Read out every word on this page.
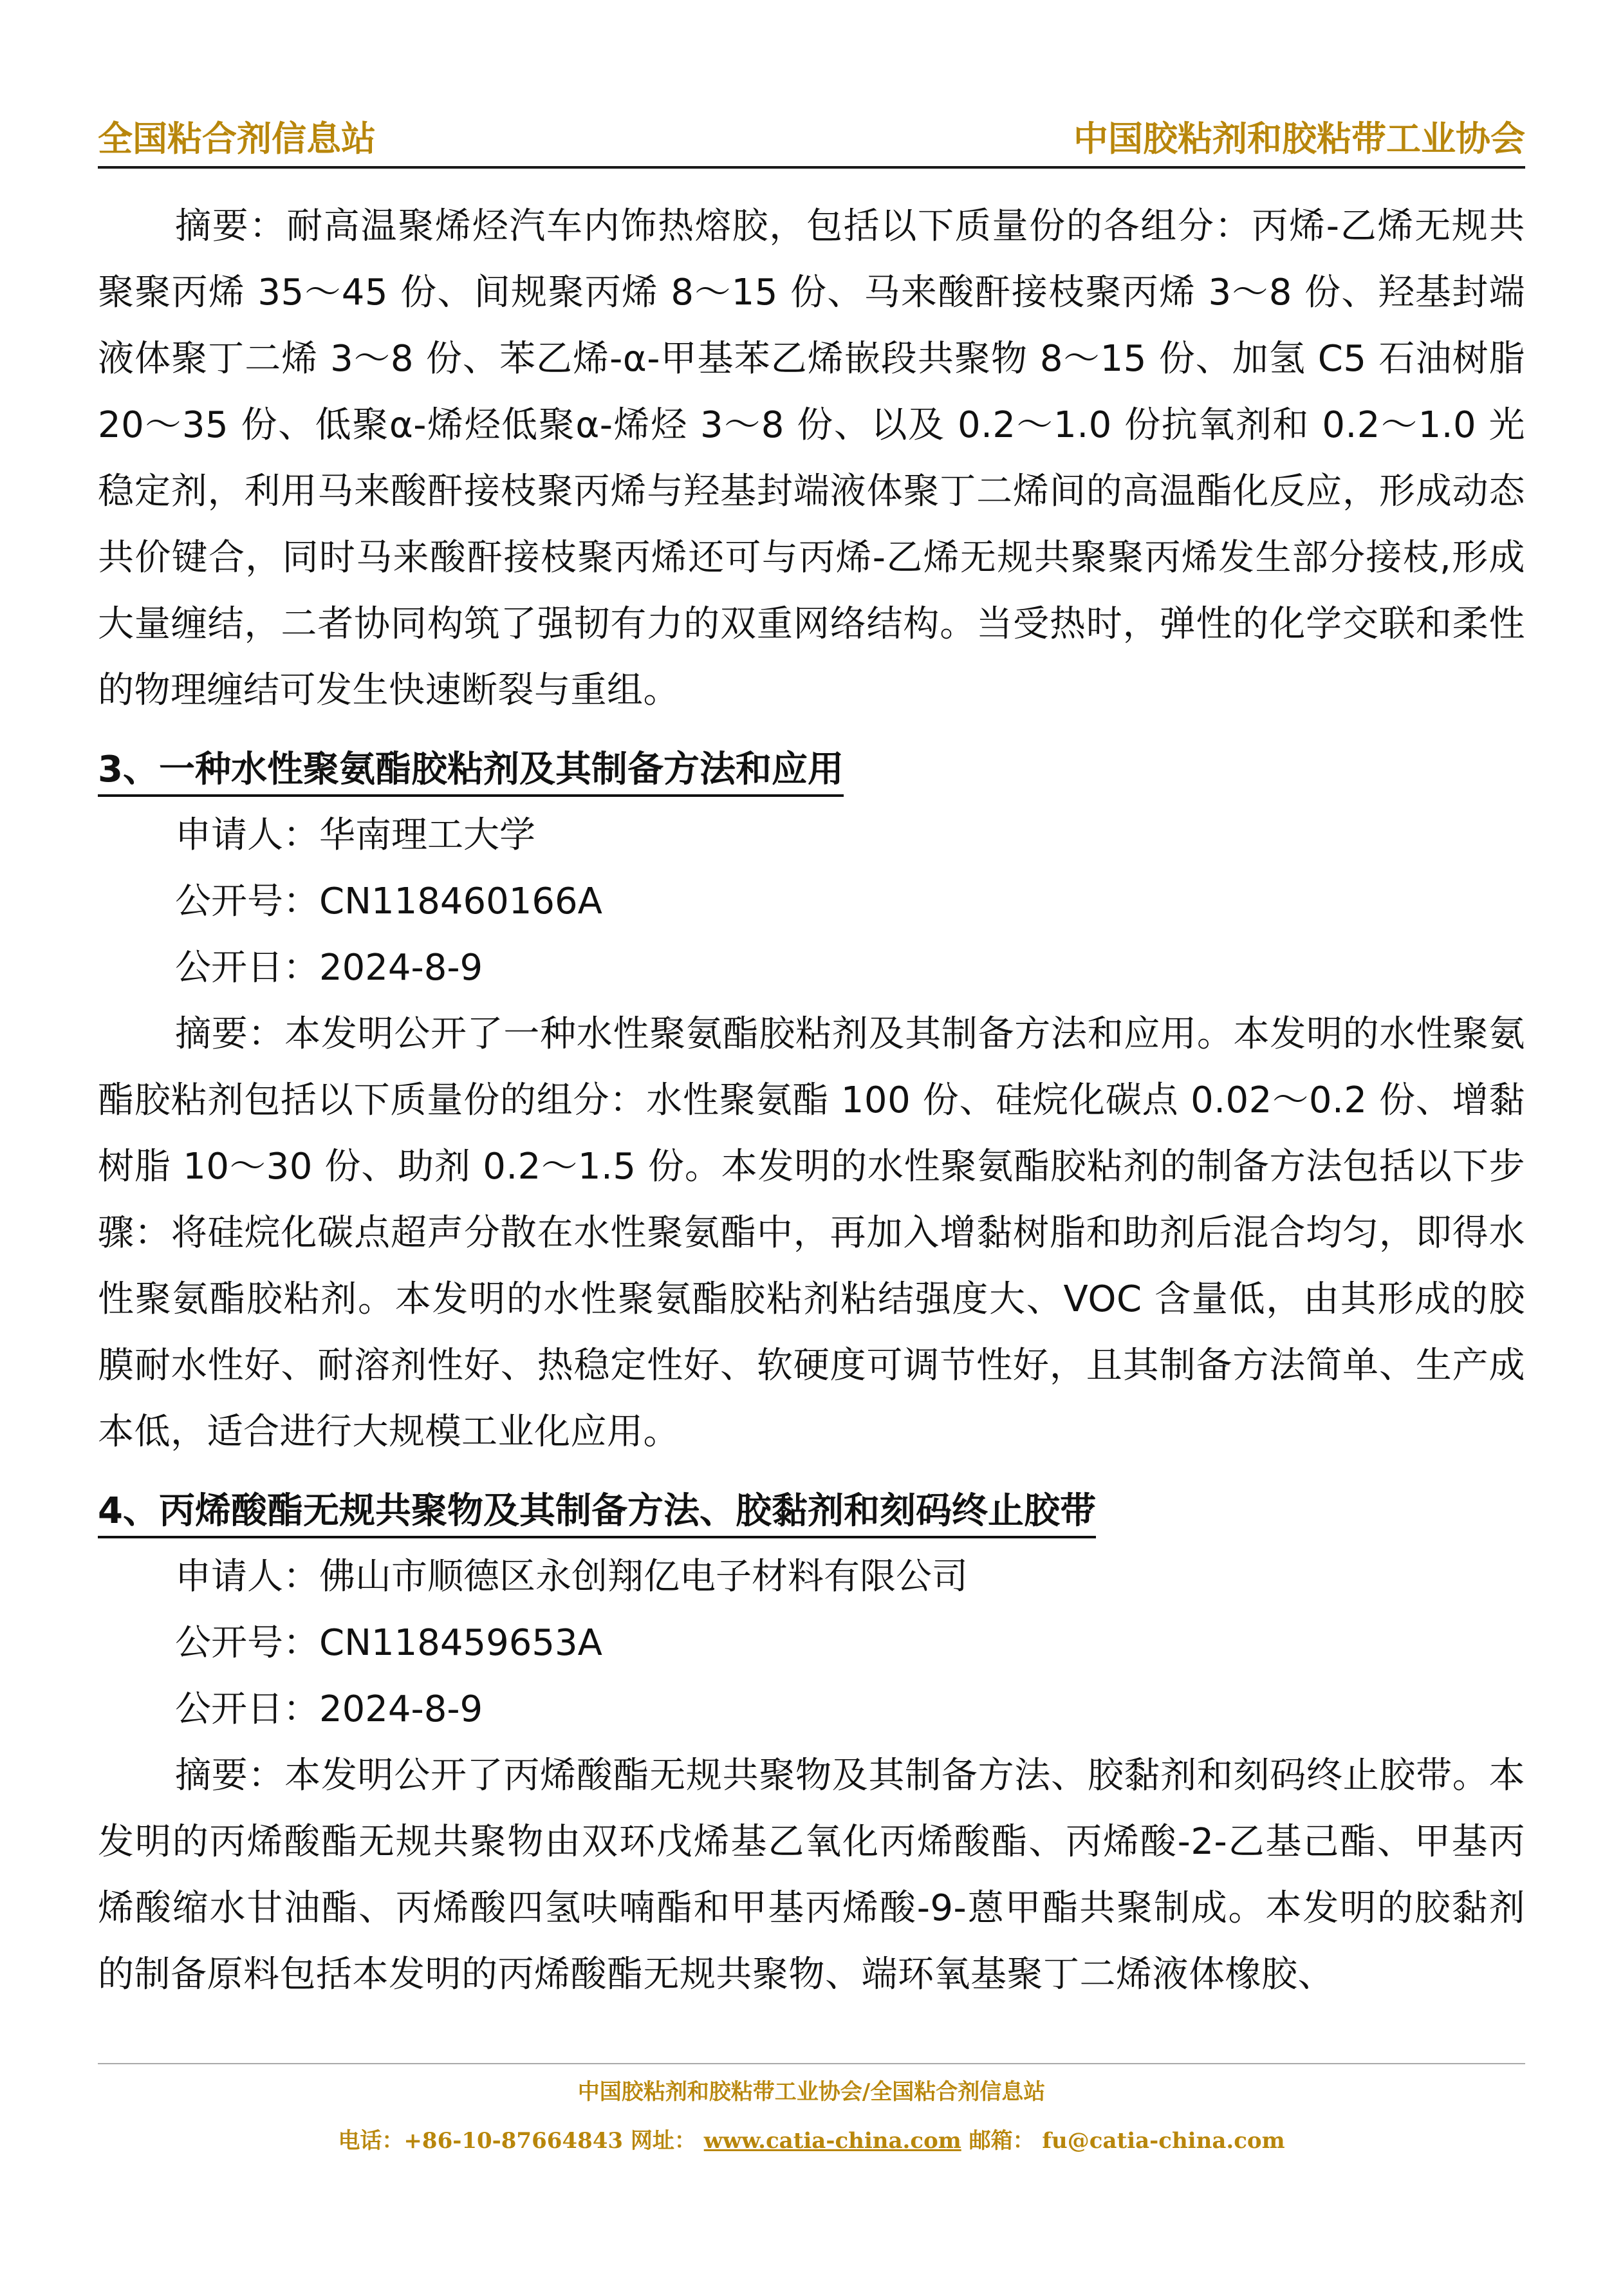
全国粘合剂信息站	中国胶粘剂和胶粘带工业协会

摘要：耐高温聚烯烃汽车内饰热熔胶，包括以下质量份的各组分：丙烯-乙烯无规共聚聚丙烯 35～45 份、间规聚丙烯 8～15 份、马来酸酐接枝聚丙烯 3～8 份、羟基封端液体聚丁二烯 3～8 份、苯乙烯-α-甲基苯乙烯嵌段共聚物 8～15 份、加氢 C5 石油树脂 20～35 份、低聚α-烯烃低聚α-烯烃 3～8 份、以及 0.2～1.0 份抗氧剂和 0.2～1.0 光稳定剂，利用马来酸酐接枝聚丙烯与羟基封端液体聚丁二烯间的高温酯化反应，形成动态共价键合，同时马来酸酐接枝聚丙烯还可与丙烯-乙烯无规共聚聚丙烯发生部分接枝,形成大量缠结，二者协同构筑了强韧有力的双重网络结构。当受热时，弹性的化学交联和柔性的物理缠结可发生快速断裂与重组。

3、一种水性聚氨酯胶粘剂及其制备方法和应用

申请人：华南理工大学

公开号：CN118460166A

公开日：2024-8-9

摘要：本发明公开了一种水性聚氨酯胶粘剂及其制备方法和应用。本发明的水性聚氨酯胶粘剂包括以下质量份的组分：水性聚氨酯 100 份、硅烷化碳点 0.02～0.2 份、增黏树脂 10～30 份、助剂 0.2～1.5 份。本发明的水性聚氨酯胶粘剂的制备方法包括以下步骤：将硅烷化碳点超声分散在水性聚氨酯中，再加入增黏树脂和助剂后混合均匀，即得水性聚氨酯胶粘剂。本发明的水性聚氨酯胶粘剂粘结强度大、VOC 含量低，由其形成的胶膜耐水性好、耐溶剂性好、热稳定性好、软硬度可调节性好，且其制备方法简单、生产成本低，适合进行大规模工业化应用。

4、丙烯酸酯无规共聚物及其制备方法、胶黏剂和刻码终止胶带

申请人：佛山市顺德区永创翔亿电子材料有限公司

公开号：CN118459653A

公开日：2024-8-9

摘要：本发明公开了丙烯酸酯无规共聚物及其制备方法、胶黏剂和刻码终止胶带。本发明的丙烯酸酯无规共聚物由双环戊烯基乙氧化丙烯酸酯、丙烯酸-2-乙基己酯、甲基丙烯酸缩水甘油酯、丙烯酸四氢呋喃酯和甲基丙烯酸-9-蒽甲酯共聚制成。本发明的胶黏剂的制备原料包括本发明的丙烯酸酯无规共聚物、端环氧基聚丁二烯液体橡胶、

中国胶粘剂和胶粘带工业协会/全国粘合剂信息站
电话：+86-10-87664843 网址： www.catia-china.com 邮箱： fu@catia-china.com
